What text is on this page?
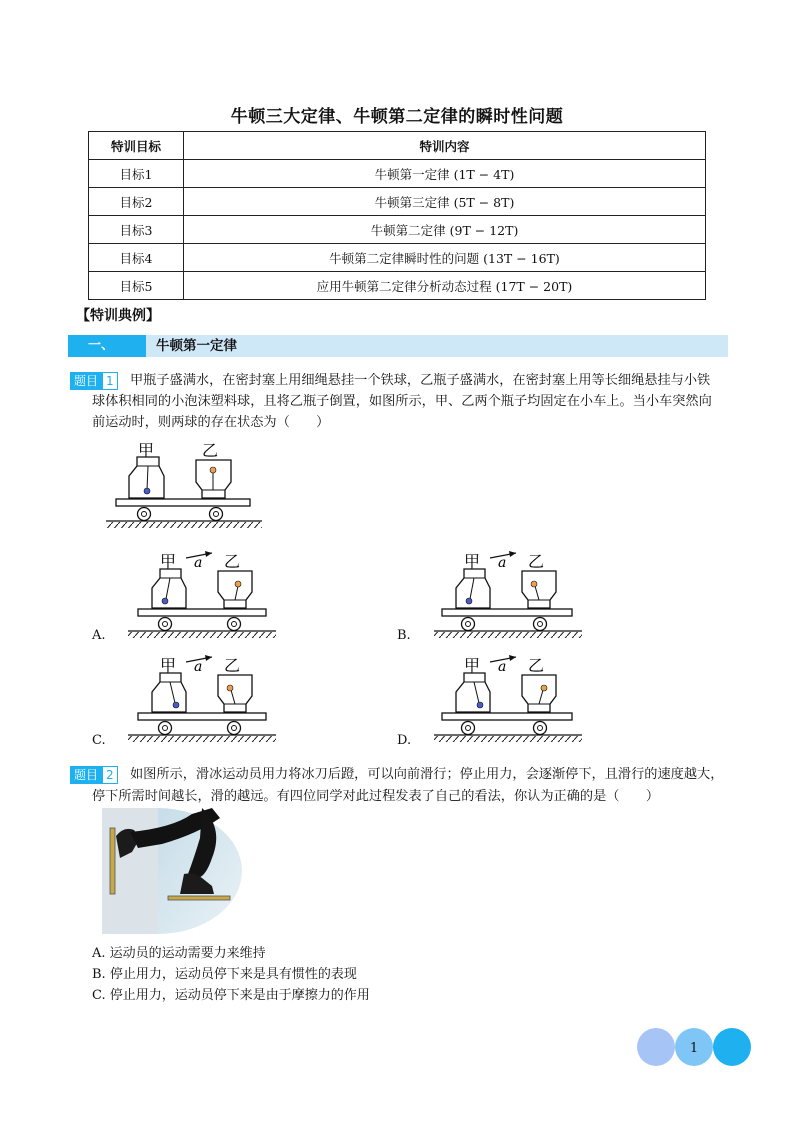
牛顿三大定律、牛顿第二定律的瞬时性问题
特训目标	特训内容
目标1	牛顿第一定律 (1T − 4T)
目标2	牛顿第三定律 (5T − 8T)
目标3	牛顿第二定律 (9T − 12T)
目标4	牛顿第二定律瞬时性的问题 (13T − 16T)
目标5	应用牛顿第二定律分析动态过程 (17T − 20T)
【特训典例】
一、	牛顿第一定律
题目 1	甲瓶子盛满水，在密封塞上用细绳悬挂一个铁球，乙瓶子盛满水，在密封塞上用等长细绳悬挂与小铁
球体积相同的小泡沫塑料球，且将乙瓶子倒置，如图所示，甲、乙两个瓶子均固定在小车上。当小车突然向
前运动时，则两球的存在状态为（　　）
甲	乙
甲 a 乙
A.
甲 a 乙
B.
甲 a 乙
C.
甲 a 乙
D.
题目 2	如图所示，滑冰运动员用力将冰刀后蹬，可以向前滑行；停止用力，会逐渐停下，且滑行的速度越大，
停下所需时间越长，滑的越远。有四位同学对此过程发表了自己的看法，你认为正确的是（　　）
A. 运动员的运动需要力来维持
B. 停止用力，运动员停下来是具有惯性的表现
C. 停止用力，运动员停下来是由于摩擦力的作用
1
